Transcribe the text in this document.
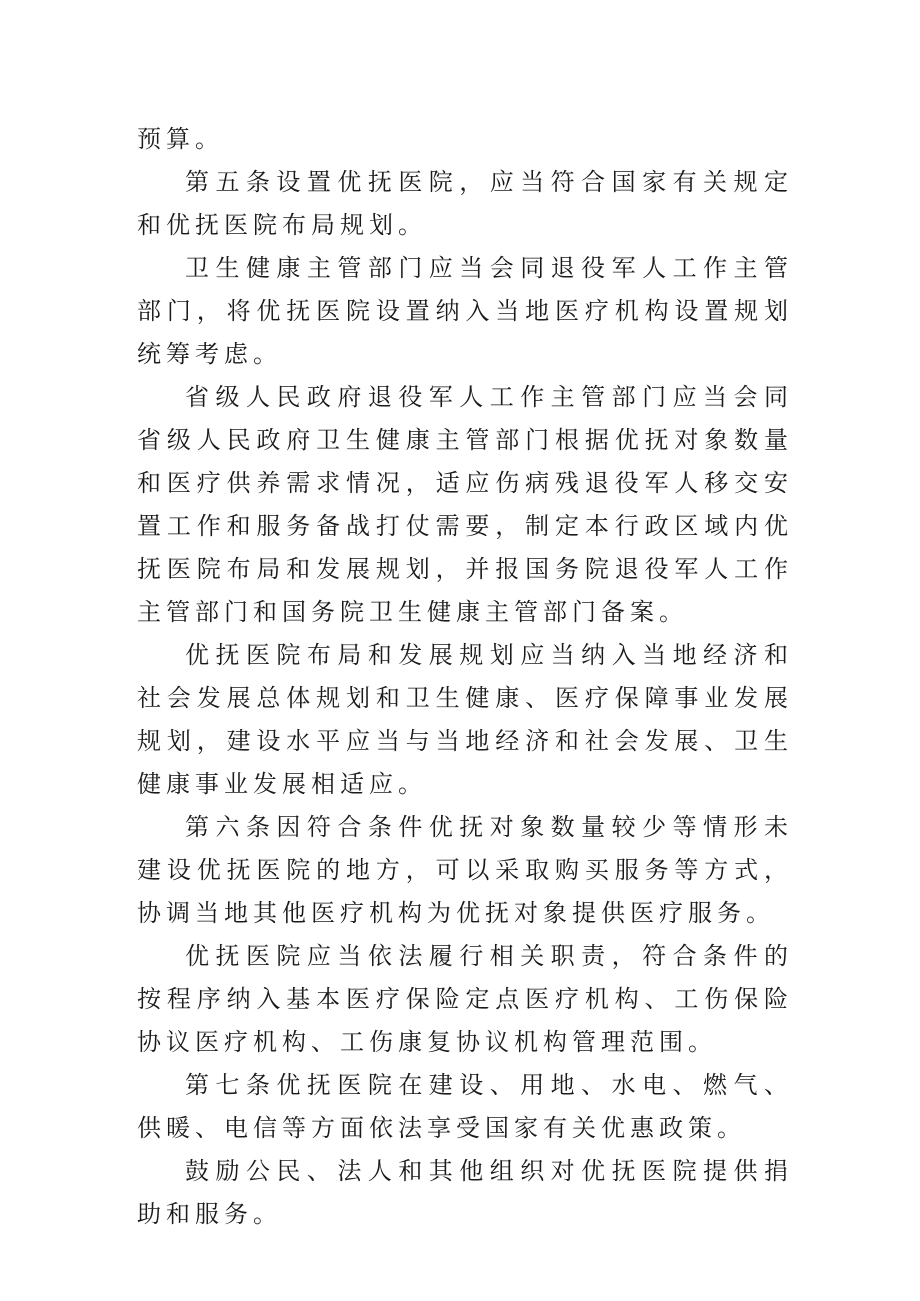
预算。

第五条设置优抚医院，应当符合国家有关规定和优抚医院布局规划。

卫生健康主管部门应当会同退役军人工作主管部门，将优抚医院设置纳入当地医疗机构设置规划统筹考虑。

省级人民政府退役军人工作主管部门应当会同省级人民政府卫生健康主管部门根据优抚对象数量和医疗供养需求情况，适应伤病残退役军人移交安置工作和服务备战打仗需要，制定本行政区域内优抚医院布局和发展规划，并报国务院退役军人工作主管部门和国务院卫生健康主管部门备案。

优抚医院布局和发展规划应当纳入当地经济和社会发展总体规划和卫生健康、医疗保障事业发展规划，建设水平应当与当地经济和社会发展、卫生健康事业发展相适应。

第六条因符合条件优抚对象数量较少等情形未建设优抚医院的地方，可以采取购买服务等方式，协调当地其他医疗机构为优抚对象提供医疗服务。

优抚医院应当依法履行相关职责，符合条件的按程序纳入基本医疗保险定点医疗机构、工伤保险协议医疗机构、工伤康复协议机构管理范围。

第七条优抚医院在建设、用地、水电、燃气、供暖、电信等方面依法享受国家有关优惠政策。

鼓励公民、法人和其他组织对优抚医院提供捐助和服务。
